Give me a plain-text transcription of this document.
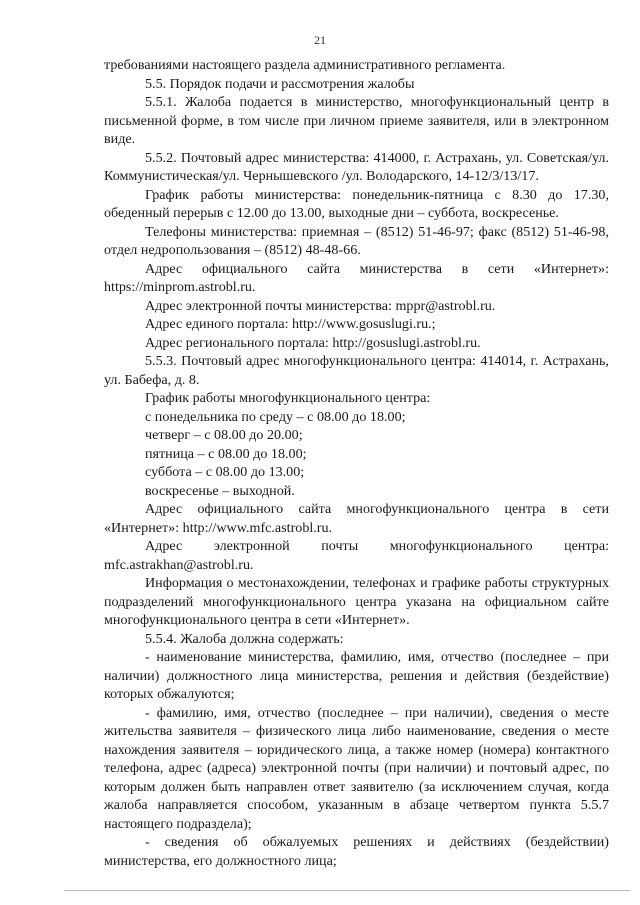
21

требованиями настоящего раздела административного регламента.

5.5. Порядок подачи и рассмотрения жалобы

5.5.1. Жалоба подается в министерство, многофункциональный центр в письменной форме, в том числе при личном приеме заявителя, или в электронном виде.

5.5.2. Почтовый адрес министерства: 414000, г. Астрахань, ул. Советская/ул. Коммунистическая/ул. Чернышевского /ул. Володарского, 14-12/3/13/17.

График работы министерства: понедельник-пятница с 8.30 до 17.30, обеденный перерыв с 12.00 до 13.00, выходные дни – суббота, воскресенье.

Телефоны министерства: приемная – (8512) 51-46-97; факс (8512) 51-46-98, отдел недропользования – (8512) 48-48-66.

Адрес официального сайта министерства в сети «Интернет»: https://minprom.astrobl.ru.

Адрес электронной почты министерства: mppr@astrobl.ru.

Адрес единого портала: http://www.gosuslugi.ru.;

Адрес регионального портала: http://gosuslugi.astrobl.ru.

5.5.3. Почтовый адрес многофункционального центра: 414014, г. Астрахань, ул. Бабефа, д. 8.

График работы многофункционального центра:

с понедельника по среду – с 08.00 до 18.00;

четверг – с 08.00 до 20.00;

пятница – с 08.00 до 18.00;

суббота – с 08.00 до 13.00;

воскресенье – выходной.

Адрес официального сайта многофункционального центра в сети «Интернет»: http://www.mfc.astrobl.ru.

Адрес электронной почты многофункционального центра: mfc.astrakhan@astrobl.ru.

Информация о местонахождении, телефонах и графике работы структурных подразделений многофункционального центра указана на официальном сайте многофункционального центра в сети «Интернет».

5.5.4. Жалоба должна содержать:

- наименование министерства, фамилию, имя, отчество (последнее – при наличии) должностного лица министерства, решения и действия (бездействие) которых обжалуются;

- фамилию, имя, отчество (последнее – при наличии), сведения о месте жительства заявителя – физического лица либо наименование, сведения о месте нахождения заявителя – юридического лица, а также номер (номера) контактного телефона, адрес (адреса) электронной почты (при наличии) и почтовый адрес, по которым должен быть направлен ответ заявителю (за исключением случая, когда жалоба направляется способом, указанным в абзаце четвертом пункта 5.5.7 настоящего подраздела);

- сведения об обжалуемых решениях и действиях (бездействии) министерства, его должностного лица;
